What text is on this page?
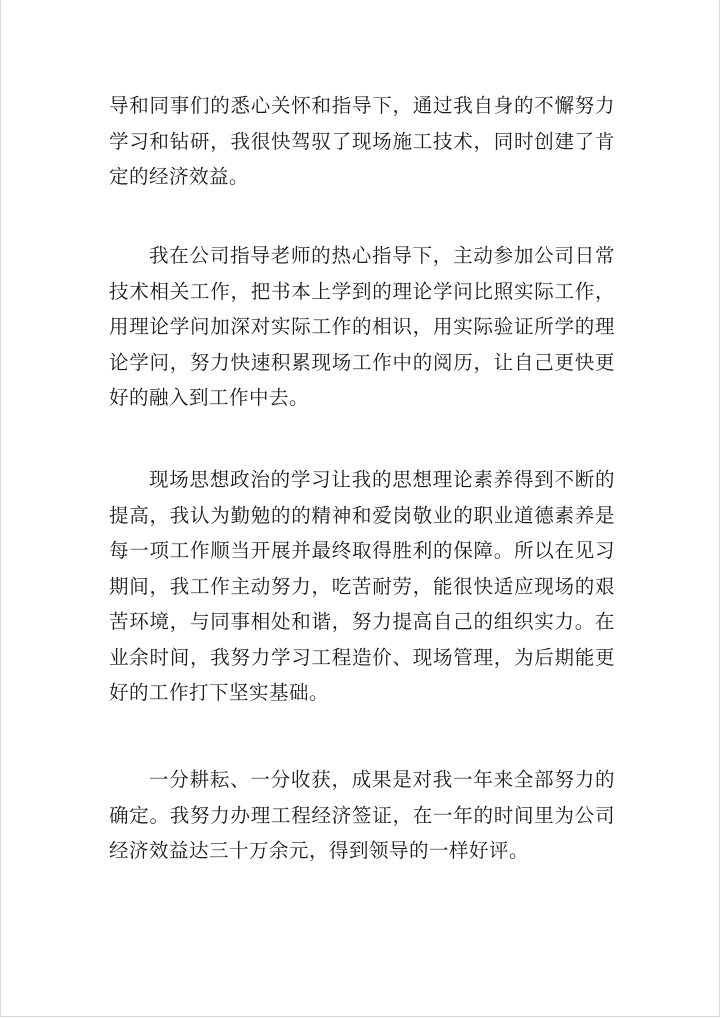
导和同事们的悉心关怀和指导下，通过我自身的不懈努力学习和钻研，我很快驾驭了现场施工技术，同时创建了肯定的经济效益。

我在公司指导老师的热心指导下，主动参加公司日常技术相关工作，把书本上学到的理论学问比照实际工作，用理论学问加深对实际工作的相识，用实际验证所学的理论学问，努力快速积累现场工作中的阅历，让自己更快更好的融入到工作中去。

现场思想政治的学习让我的思想理论素养得到不断的提高，我认为勤勉的的精神和爱岗敬业的职业道德素养是每一项工作顺当开展并最终取得胜利的保障。所以在见习期间，我工作主动努力，吃苦耐劳，能很快适应现场的艰苦环境，与同事相处和谐，努力提高自己的组织实力。在业余时间，我努力学习工程造价、现场管理，为后期能更好的工作打下坚实基础。

一分耕耘、一分收获，成果是对我一年来全部努力的确定。我努力办理工程经济签证，在一年的时间里为公司经济效益达三十万余元，得到领导的一样好评。
